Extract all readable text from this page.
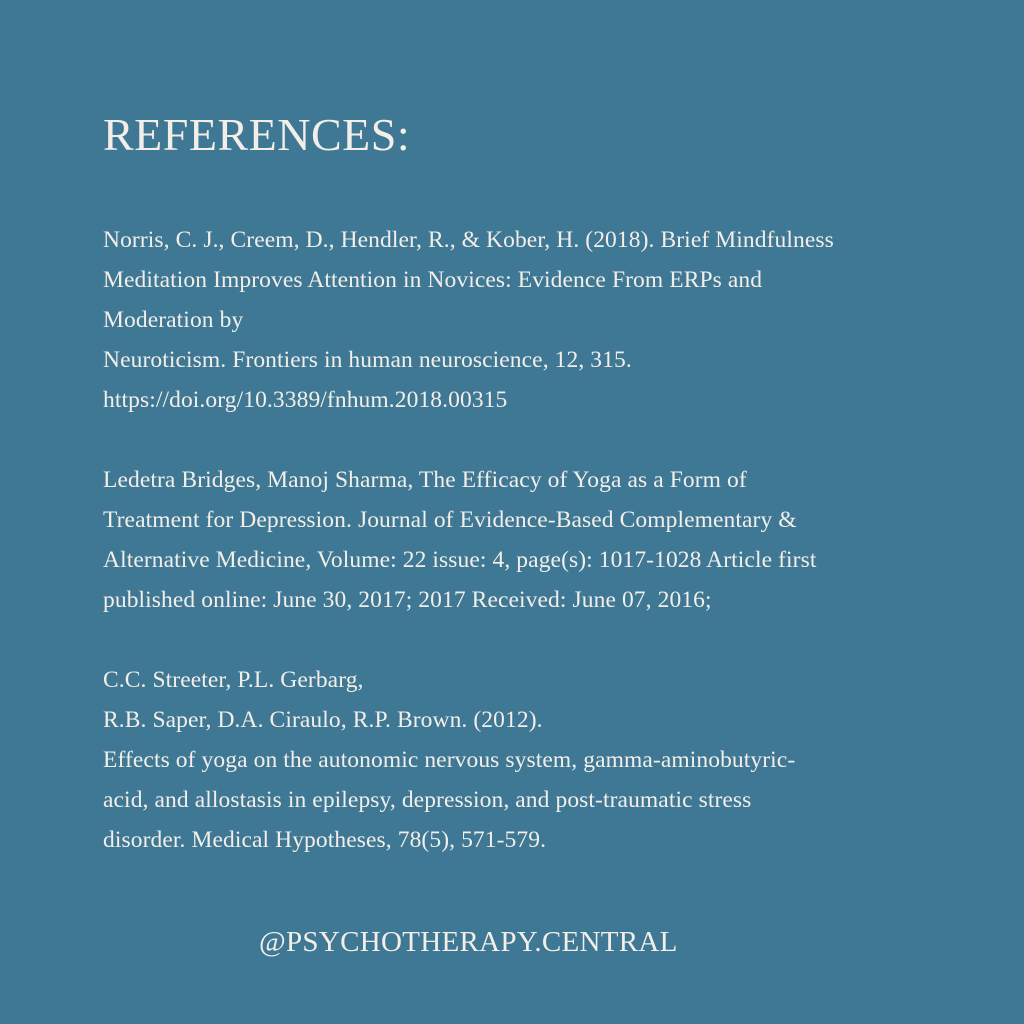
REFERENCES:

Norris, C. J., Creem, D., Hendler, R., & Kober, H. (2018). Brief Mindfulness
Meditation Improves Attention in Novices: Evidence From ERPs and
Moderation by
Neuroticism. Frontiers in human neuroscience, 12, 315.
https://doi.org/10.3389/fnhum.2018.00315

Ledetra Bridges, Manoj Sharma, The Efficacy of Yoga as a Form of
Treatment for Depression. Journal of Evidence-Based Complementary &
Alternative Medicine, Volume: 22 issue: 4, page(s): 1017-1028 Article first
published online: June 30, 2017; 2017 Received: June 07, 2016;

C.C. Streeter, P.L. Gerbarg,
R.B. Saper, D.A. Ciraulo, R.P. Brown. (2012).
Effects of yoga on the autonomic nervous system, gamma-aminobutyric-
acid, and allostasis in epilepsy, depression, and post-traumatic stress
disorder. Medical Hypotheses, 78(5), 571-579.

@PSYCHOTHERAPY.CENTRAL
